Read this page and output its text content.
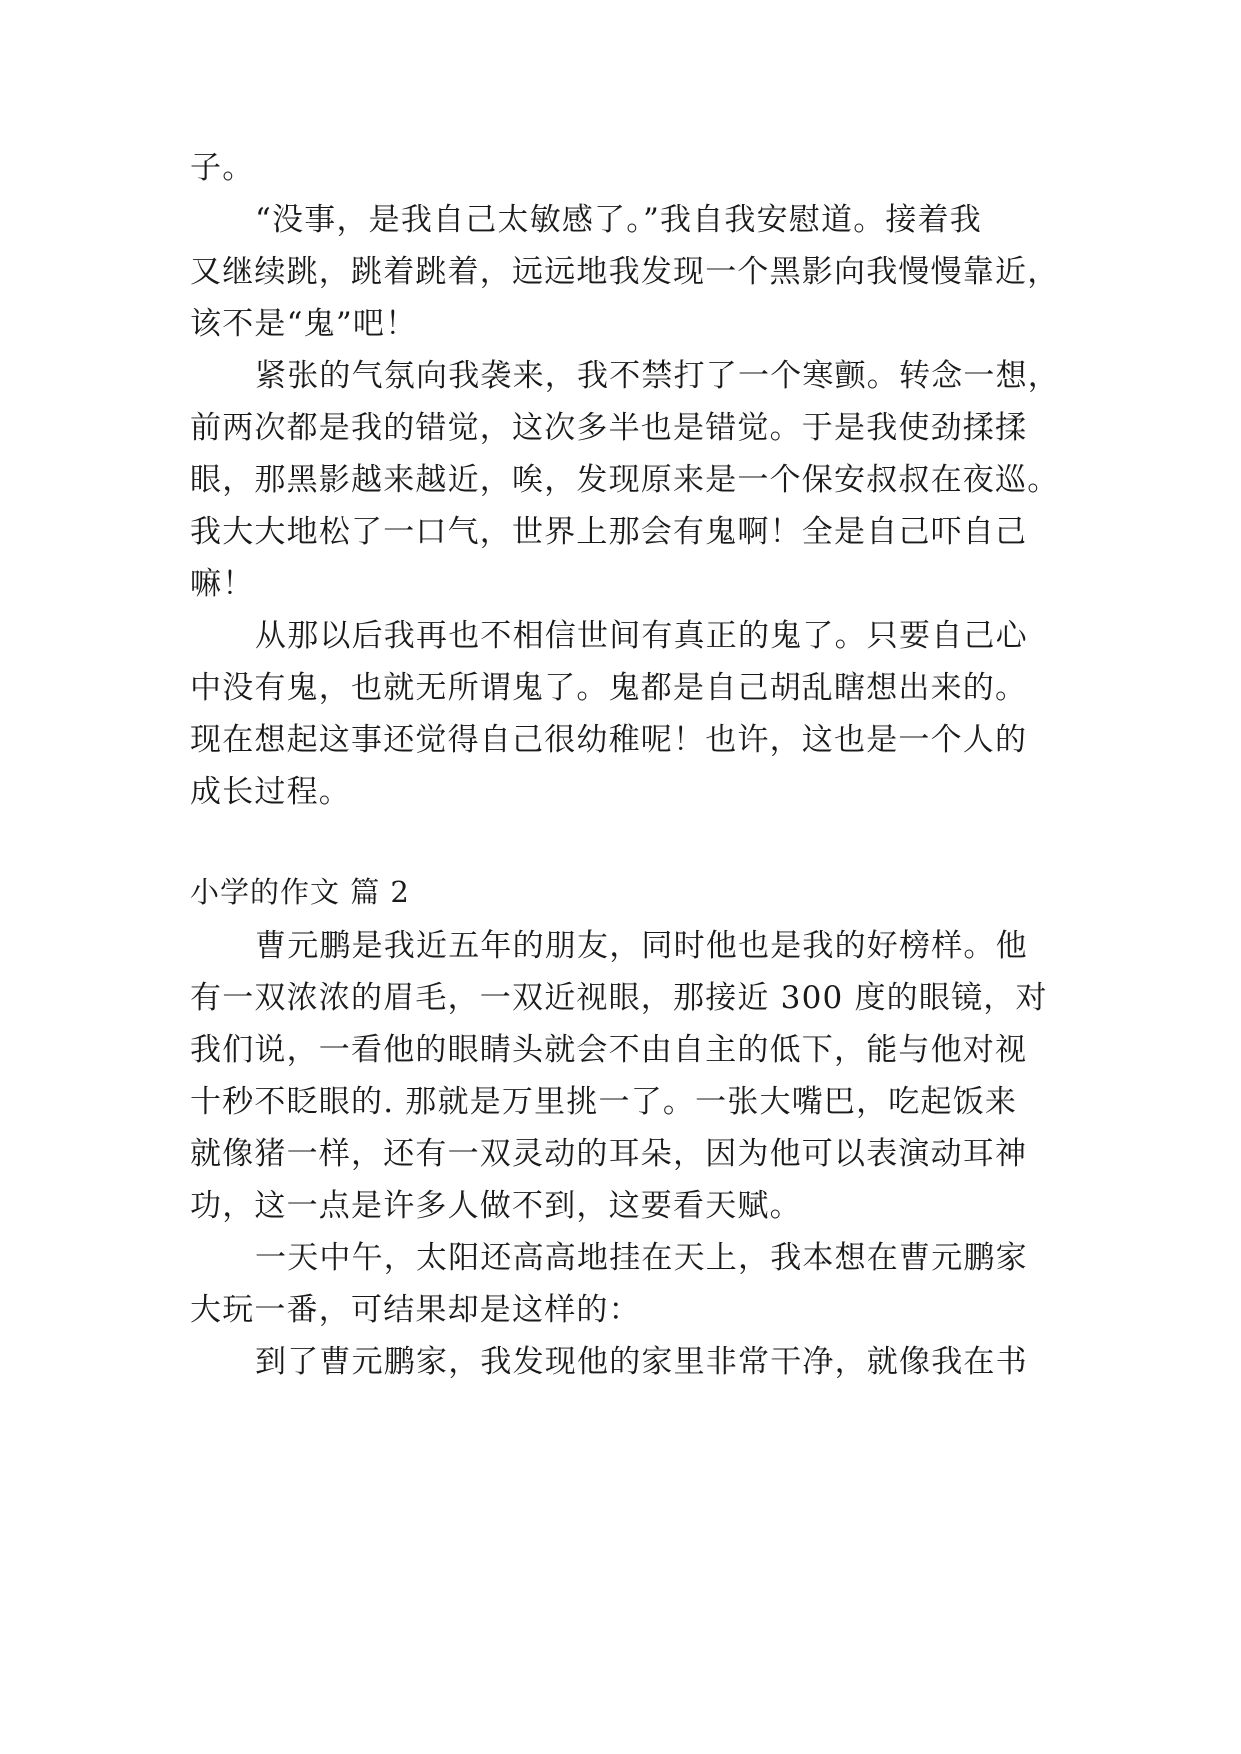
子。
“没事，是我自己太敏感了。”我自我安慰道。接着我
又继续跳，跳着跳着，远远地我发现一个黑影向我慢慢靠近，
该不是“鬼”吧！
紧张的气氛向我袭来，我不禁打了一个寒颤。转念一想，
前两次都是我的错觉，这次多半也是错觉。于是我使劲揉揉
眼，那黑影越来越近，唉，发现原来是一个保安叔叔在夜巡。
我大大地松了一口气，世界上那会有鬼啊！全是自己吓自己
嘛！
从那以后我再也不相信世间有真正的鬼了。只要自己心
中没有鬼，也就无所谓鬼了。鬼都是自己胡乱瞎想出来的。
现在想起这事还觉得自己很幼稚呢！也许，这也是一个人的
成长过程。
小学的作文 篇 2
曹元鹏是我近五年的朋友，同时他也是我的好榜样。他
有一双浓浓的眉毛，一双近视眼，那接近 300 度的眼镜，对
我们说，一看他的眼睛头就会不由自主的低下，能与他对视
十秒不眨眼的. 那就是万里挑一了。一张大嘴巴，吃起饭来
就像猪一样，还有一双灵动的耳朵，因为他可以表演动耳神
功，这一点是许多人做不到，这要看天赋。
一天中午，太阳还高高地挂在天上，我本想在曹元鹏家
大玩一番，可结果却是这样的：
到了曹元鹏家，我发现他的家里非常干净，就像我在书
